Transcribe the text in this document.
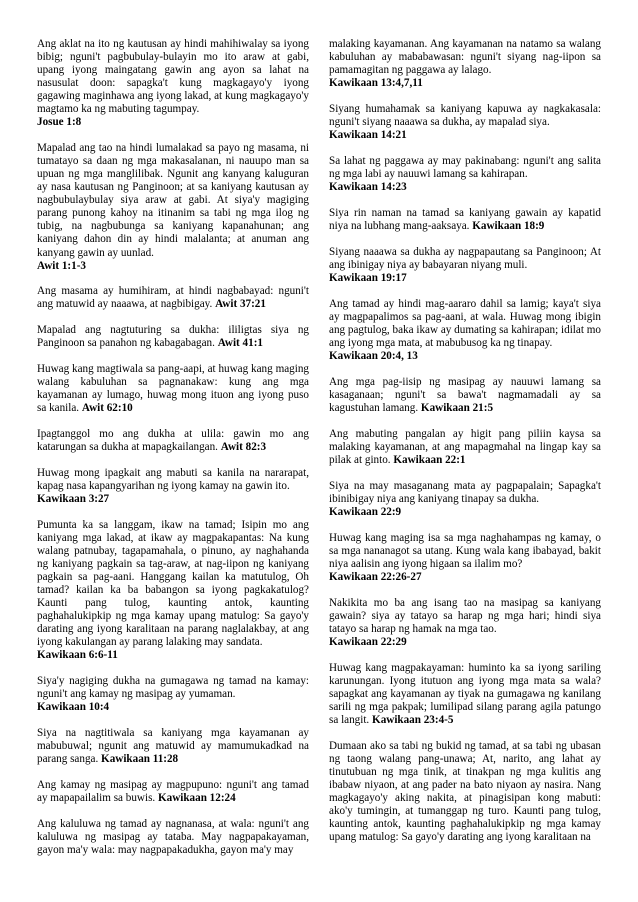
Ang aklat na ito ng kautusan ay hindi mahihiwalay sa iyong bibig; nguni't pagbubulay-bulayin mo ito araw at gabi, upang iyong maingatang gawin ang ayon sa lahat na nasusulat doon: sapagka't kung magkagayo'y iyong gagawing maginhawa ang iyong lakad, at kung magkagayo'y magtamo ka ng mabuting tagumpay.
Josue 1:8

Mapalad ang tao na hindi lumalakad sa payo ng masama, ni tumatayo sa daan ng mga makasalanan, ni nauupo man sa upuan ng mga manglilibak. Ngunit ang kanyang kaluguran ay nasa kautusan ng Panginoon; at sa kaniyang kautusan ay nagbubulaybulay siya araw at gabi. At siya'y magiging parang punong kahoy na itinanim sa tabi ng mga ilog ng tubig, na nagbubunga sa kaniyang kapanahunan; ang kaniyang dahon din ay hindi malalanta; at anuman ang kanyang gawin ay uunlad.
Awit 1:1-3

Ang masama ay humihiram, at hindi nagbabayad: nguni't ang matuwid ay naaawa, at nagbibigay. Awit 37:21

Mapalad ang nagtuturing sa dukha: ililigtas siya ng Panginoon sa panahon ng kabagabagan. Awit 41:1

Huwag kang magtiwala sa pang-aapi, at huwag kang maging walang kabuluhan sa pagnanakaw: kung ang mga kayamanan ay lumago, huwag mong ituon ang iyong puso sa kanila. Awit 62:10

Ipagtanggol mo ang dukha at ulila: gawin mo ang katarungan sa dukha at mapagkailangan. Awit 82:3

Huwag mong ipagkait ang mabuti sa kanila na nararapat, kapag nasa kapangyarihan ng iyong kamay na gawin ito.
Kawikaan 3:27

Pumunta ka sa langgam, ikaw na tamad; Isipin mo ang kaniyang mga lakad, at ikaw ay magpakapantas: Na kung walang patnubay, tagapamahala, o pinuno, ay naghahanda ng kaniyang pagkain sa tag-araw, at nag-iipon ng kaniyang pagkain sa pag-aani. Hanggang kailan ka matutulog, Oh tamad? kailan ka ba babangon sa iyong pagkakatulog? Kaunti pang tulog, kaunting antok, kaunting paghahalukipkip ng mga kamay upang matulog: Sa gayo'y darating ang iyong karalitaan na parang naglalakbay, at ang iyong kakulangan ay parang lalaking may sandata.
Kawikaan 6:6-11

Siya'y nagiging dukha na gumagawa ng tamad na kamay: nguni't ang kamay ng masipag ay yumaman.
Kawikaan 10:4

Siya na nagtitiwala sa kaniyang mga kayamanan ay mabubuwal; ngunit ang matuwid ay mamumukadkad na parang sanga. Kawikaan 11:28

Ang kamay ng masipag ay magpupuno: nguni't ang tamad ay mapapailalim sa buwis. Kawikaan 12:24

Ang kaluluwa ng tamad ay nagnanasa, at wala: nguni't ang kaluluwa ng masipag ay tataba. May nagpapakayaman, gayon ma'y wala: may nagpapakadukha, gayon ma'y may

malaking kayamanan. Ang kayamanan na natamo sa walang kabuluhan ay mababawasan: nguni't siyang nag-iipon sa pamamagitan ng paggawa ay lalago.
Kawikaan 13:4,7,11

Siyang humahamak sa kaniyang kapuwa ay nagkakasala: nguni't siyang naaawa sa dukha, ay mapalad siya.
Kawikaan 14:21

Sa lahat ng paggawa ay may pakinabang: nguni't ang salita ng mga labi ay nauuwi lamang sa kahirapan.
Kawikaan 14:23

Siya rin naman na tamad sa kaniyang gawain ay kapatid niya na lubhang mang-aaksaya. Kawikaan 18:9

Siyang naaawa sa dukha ay nagpapautang sa Panginoon; At ang ibinigay niya ay babayaran niyang muli.
Kawikaan 19:17

Ang tamad ay hindi mag-aararo dahil sa lamig; kaya't siya ay magpapalimos sa pag-aani, at wala. Huwag mong ibigin ang pagtulog, baka ikaw ay dumating sa kahirapan; idilat mo ang iyong mga mata, at mabubusog ka ng tinapay.
Kawikaan 20:4, 13

Ang mga pag-iisip ng masipag ay nauuwi lamang sa kasaganaan; nguni't sa bawa't nagmamadali ay sa kagustuhan lamang. Kawikaan 21:5

Ang mabuting pangalan ay higit pang piliin kaysa sa malaking kayamanan, at ang mapagmahal na lingap kay sa pilak at ginto. Kawikaan 22:1

Siya na may masaganang mata ay pagpapalain; Sapagka't ibinibigay niya ang kaniyang tinapay sa dukha.
Kawikaan 22:9

Huwag kang maging isa sa mga naghahampas ng kamay, o sa mga nananagot sa utang. Kung wala kang ibabayad, bakit niya aalisin ang iyong higaan sa ilalim mo?
Kawikaan 22:26-27

Nakikita mo ba ang isang tao na masipag sa kaniyang gawain? siya ay tatayo sa harap ng mga hari; hindi siya tatayo sa harap ng hamak na mga tao.
Kawikaan 22:29

Huwag kang magpakayaman: huminto ka sa iyong sariling karunungan. Iyong itutuon ang iyong mga mata sa wala? sapagkat ang kayamanan ay tiyak na gumagawa ng kanilang sarili ng mga pakpak; lumilipad silang parang agila patungo sa langit. Kawikaan 23:4-5

Dumaan ako sa tabi ng bukid ng tamad, at sa tabi ng ubasan ng taong walang pang-unawa; At, narito, ang lahat ay tinutubuan ng mga tinik, at tinakpan ng mga kulitis ang ibabaw niyaon, at ang pader na bato niyaon ay nasira. Nang magkagayo'y aking nakita, at pinagisipan kong mabuti: ako'y tumingin, at tumanggap ng turo. Kaunti pang tulog, kaunting antok, kaunting paghahalukipkip ng mga kamay upang matulog: Sa gayo'y darating ang iyong karalitaan na
